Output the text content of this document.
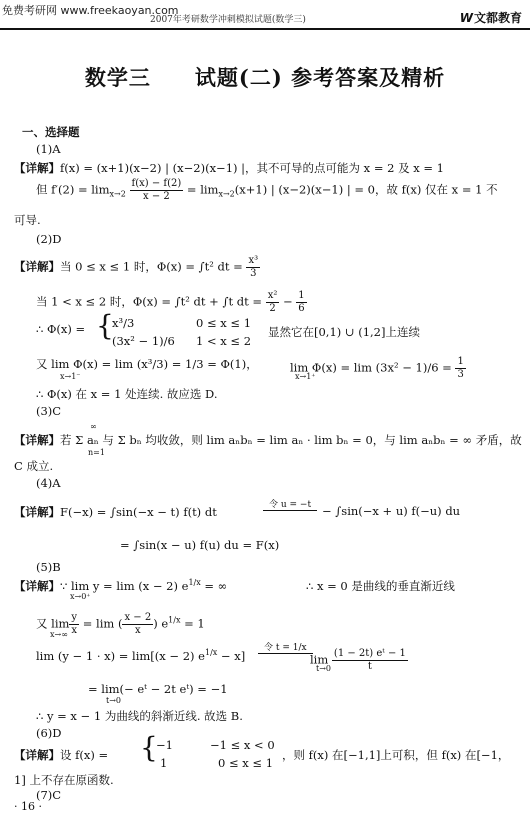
免费考研网 www.freekaoyan.com
2007年考研数学冲刺模拟试题(数学三)	W 文都教育
数学三　　试题(二) 参考答案及精析
一、选择题
(1)A
【详解】f(x) = (x+1)(x−2) | (x−2)(x−1) |，其不可导的点可能为 x = 2 及 x = 1
但 $f'(2) = \lim_{x\to 2} \frac{f(x) - f(2)}{x - 2} = \lim_{x\to 2}(x+1)$ | (x−2)(x−1) | = 0，故 f(x) 仅在 x = 1 不
可导.
(2)D
【详解】当 0 ≤ x ≤ 1 时，Φ(x) = ∫t² dt = $\frac{\text{x³}}{3}$
当 1 < x ≤ 2 时，Φ(x) = ∫t² dt + ∫t dt = $\frac{\text{x²}}{2} - \frac{1}{6}$
∴ Φ(x) = {
x³/3	0 ≤ x ≤ 1
(3x² − 1)/6 1 < x ≤ 2
显然它在[0,1) ∪ (1,2]上连续
又 lim Φ(x) = lim (x³/3) = 1/3 = Φ(1)，
x→1⁻
$\lim \Phi(x) = \lim (3x^2 - 1)/6 = \frac{1}{3}$
x→1⁺
∴ Φ(x) 在 x = 1 处连续. 故应选 D.
(3)C
【详解】若 Σ aₙ 与 Σ bₙ 均收敛，则 lim aₙbₙ = lim aₙ · lim bₙ = 0，与 lim aₙbₙ = ∞ 矛盾，故
∞
n=1
C 成立.
(4)A
【详解】F(−x) = ∫sin(−x − t) f(t) dt	令 u = −t − ∫sin(−x + u) f(−u) du
= ∫sin(x − u) f(u) du = F(x)
(5)B
【详解】∵ lim y = lim (x − 2) $e^{1/x}$ = ∞
x→0⁺
∴ x = 0 是曲线的垂直渐近线
又 $\lim \frac{y}{x} = \lim$ ( $\frac{x - 2}{x}$ ) $e^{1/x} = 1$
x→∞
lim (y − 1 · x) = lim[(x − 2) $e^{1/x} - x$]
令 t = 1/x
$\lim \frac{\text{(1 − 2t) eᵗ − 1}}{t}$
t→0
= lim(− eᵗ − 2t eᵗ) = −1
t→0
∴ y = x − 1 为曲线的斜渐近线. 故选 B.
(6)D
【详解】设 f(x) = {
−1	−1 ≤ x < 0
1	0 ≤ x ≤ 1
，则 f(x) 在[−1,1]上可积，但 f(x) 在[−1，
1] 上不存在原函数.
(7)C
· 16 ·
